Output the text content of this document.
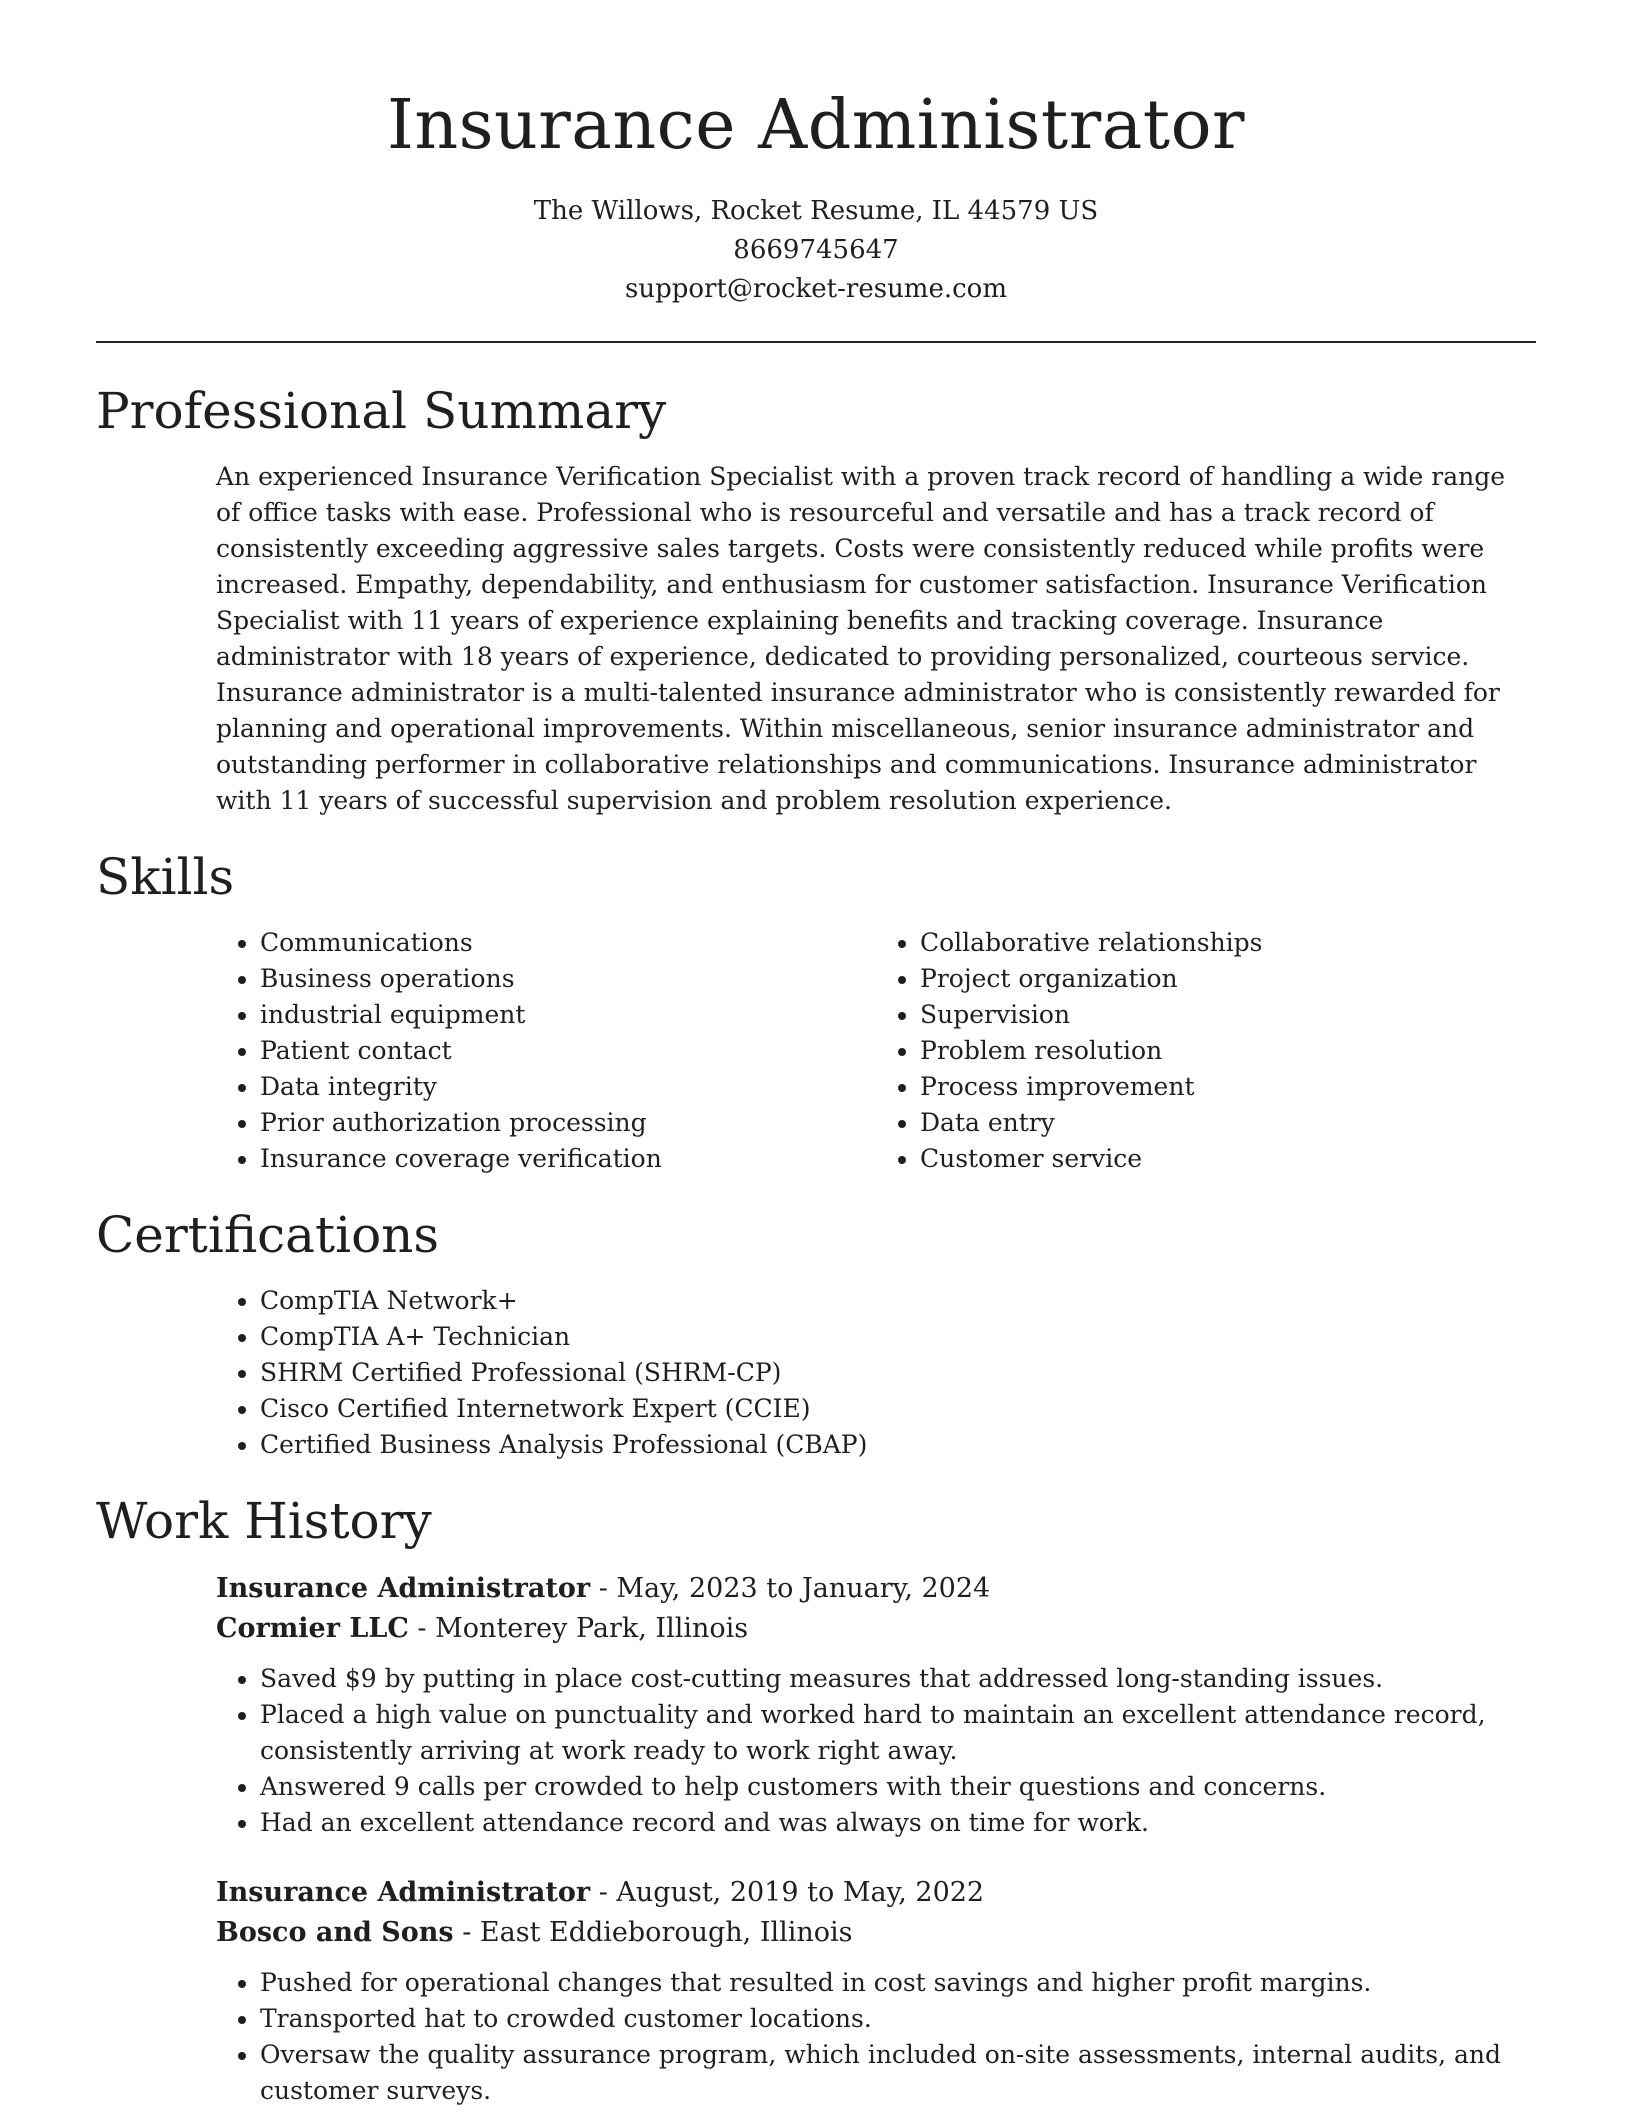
Insurance Administrator
The Willows, Rocket Resume, IL 44579 US
8669745647
support@rocket-resume.com
Professional Summary

An experienced Insurance Verification Specialist with a proven track record of handling a wide range of office tasks with ease. Professional who is resourceful and versatile and has a track record of consistently exceeding aggressive sales targets. Costs were consistently reduced while profits were increased. Empathy, dependability, and enthusiasm for customer satisfaction. Insurance Verification Specialist with 11 years of experience explaining benefits and tracking coverage. Insurance administrator with 18 years of experience, dedicated to providing personalized, courteous service. Insurance administrator is a multi-talented insurance administrator who is consistently rewarded for planning and operational improvements. Within miscellaneous, senior insurance administrator and outstanding performer in collaborative relationships and communications. Insurance administrator with 11 years of successful supervision and problem resolution experience.

Skills
• Communications
• Business operations
• industrial equipment
• Patient contact
• Data integrity
• Prior authorization processing
• Insurance coverage verification
• Collaborative relationships
• Project organization
• Supervision
• Problem resolution
• Process improvement
• Data entry
• Customer service
Certifications
• CompTIA Network+
• CompTIA A+ Technician
• SHRM Certified Professional (SHRM-CP)
• Cisco Certified Internetwork Expert (CCIE)
• Certified Business Analysis Professional (CBAP)
Work History
Insurance Administrator - May, 2023 to January, 2024
Cormier LLC - Monterey Park, Illinois
• Saved $9 by putting in place cost-cutting measures that addressed long-standing issues.
• Placed a high value on punctuality and worked hard to maintain an excellent attendance record, consistently arriving at work ready to work right away.
• Answered 9 calls per crowded to help customers with their questions and concerns.
• Had an excellent attendance record and was always on time for work.
Insurance Administrator - August, 2019 to May, 2022
Bosco and Sons - East Eddieborough, Illinois
• Pushed for operational changes that resulted in cost savings and higher profit margins.
• Transported hat to crowded customer locations.
• Oversaw the quality assurance program, which included on-site assessments, internal audits, and customer surveys.
